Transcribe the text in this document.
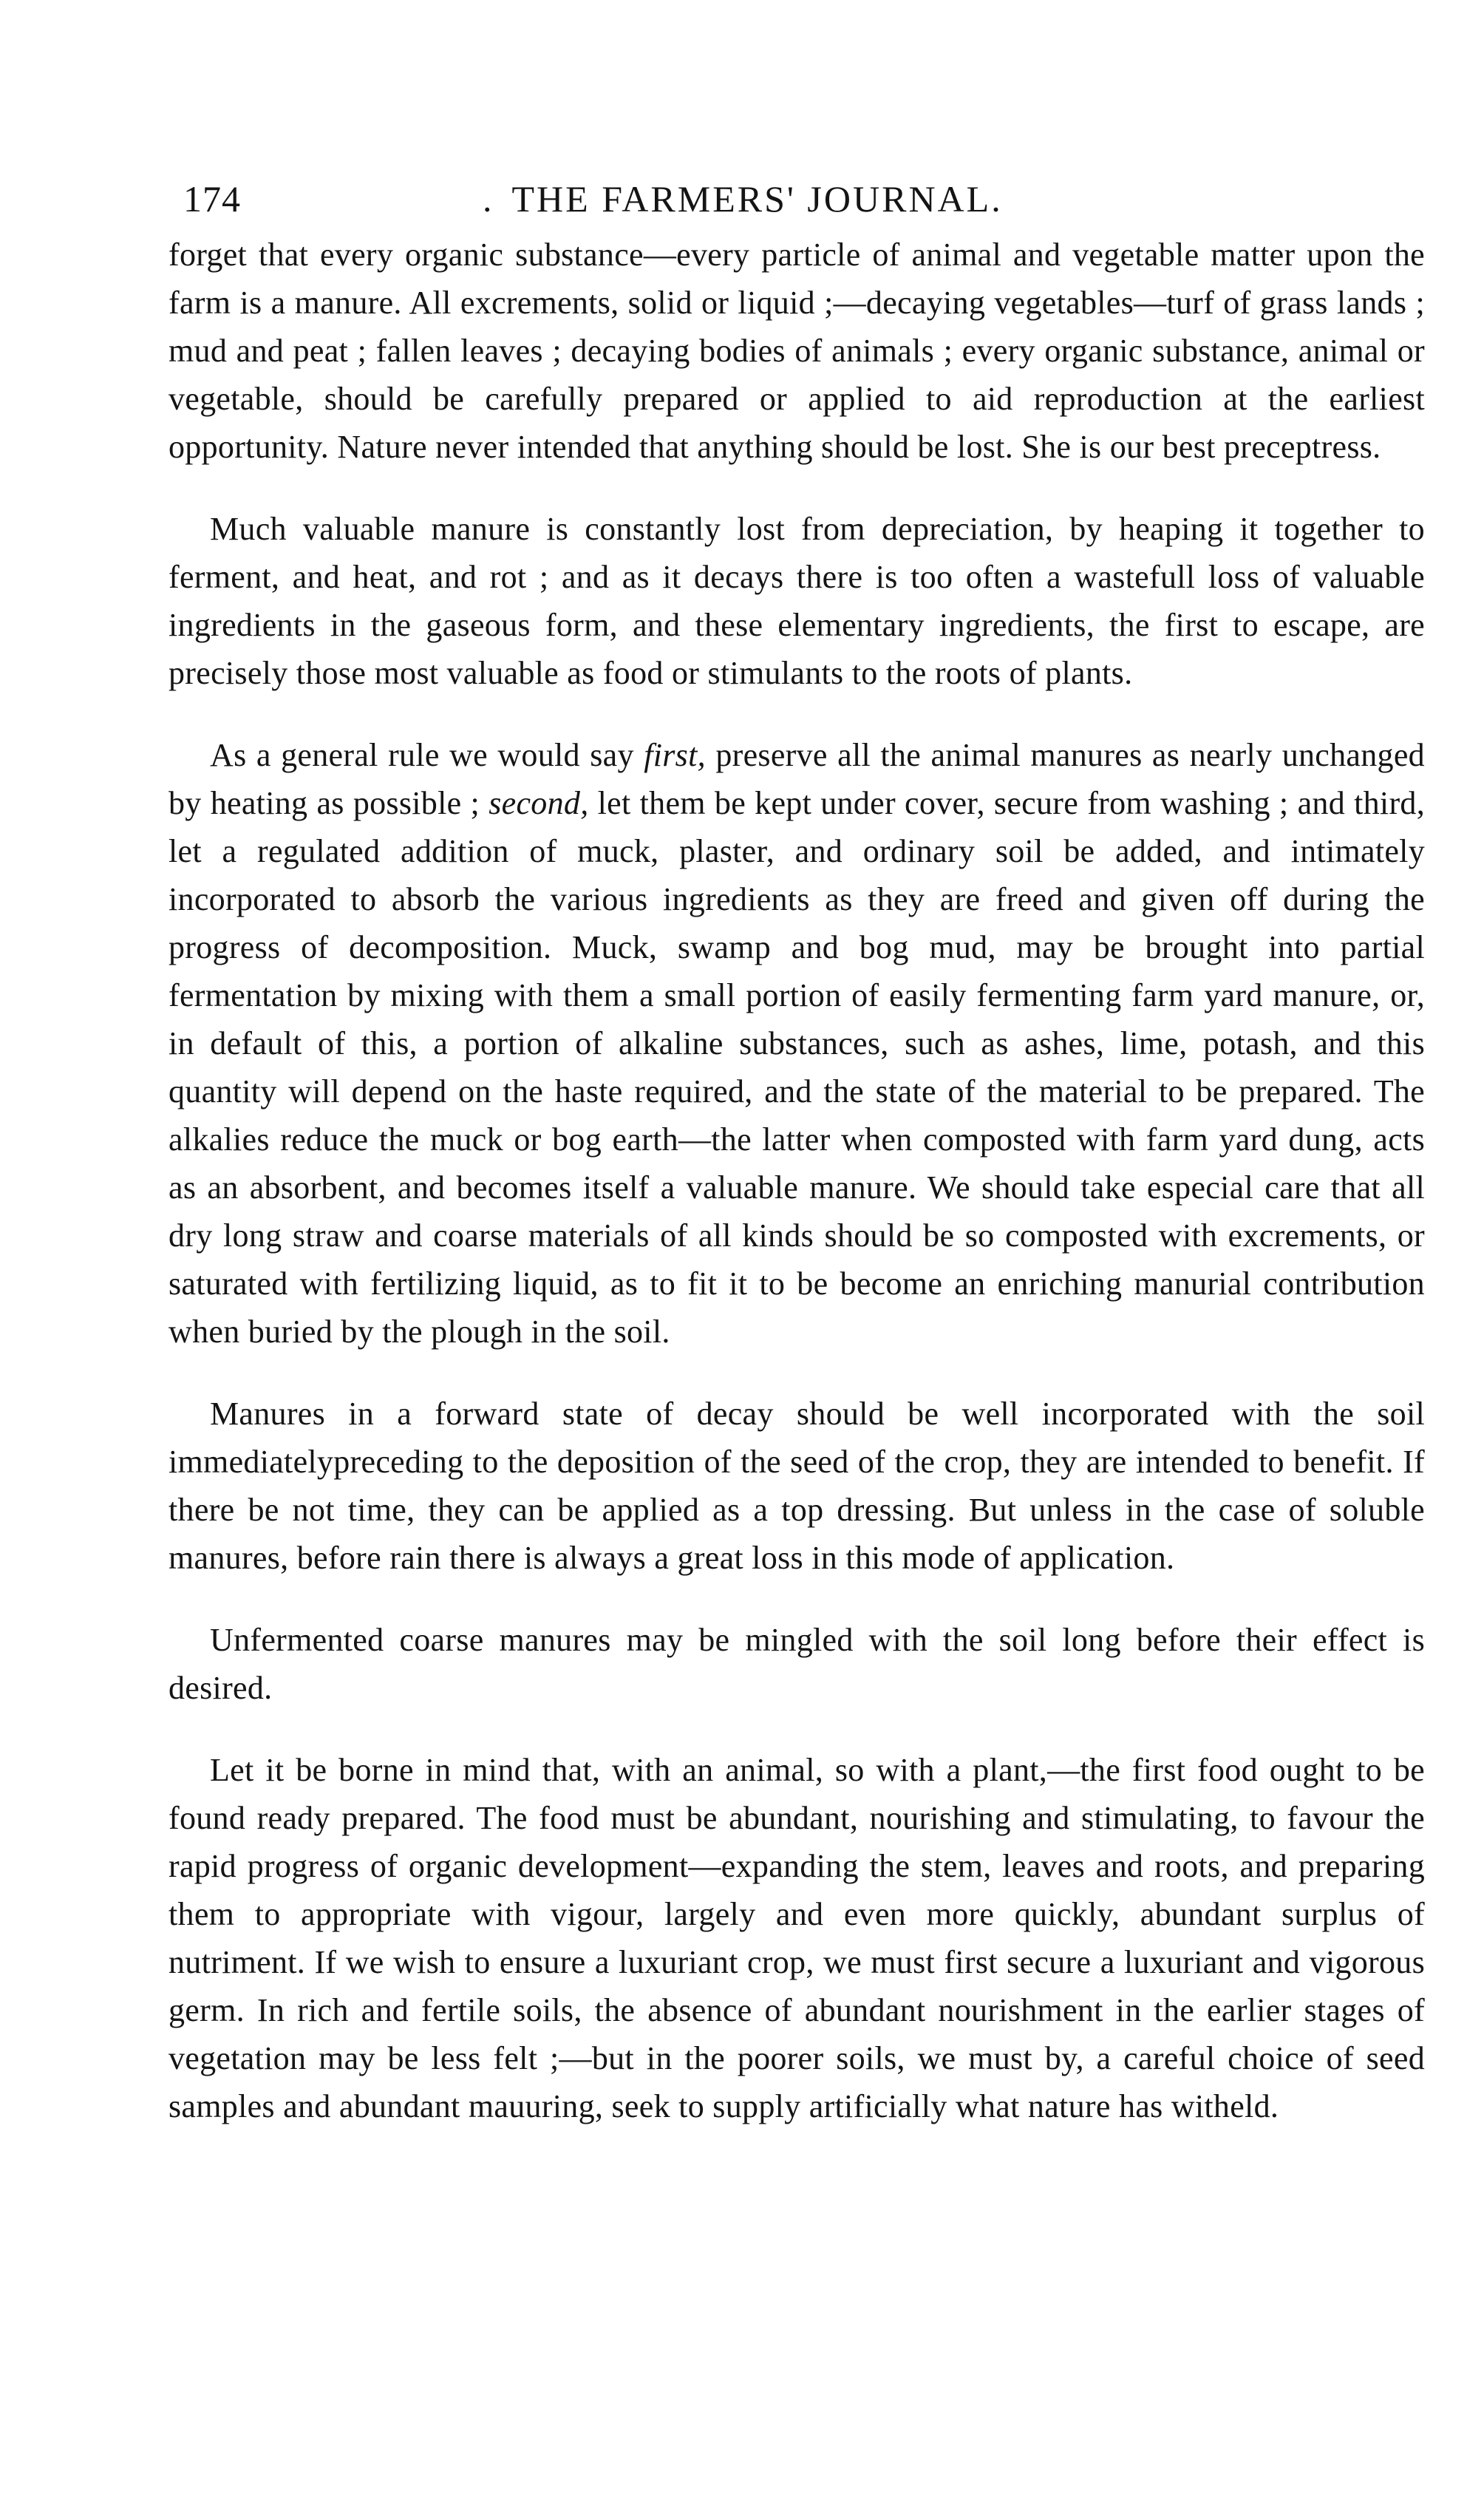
174	. THE FARMERS' JOURNAL.

forget that every organic substance—every particle of animal and vegetable matter upon the farm is a manure. All excrements, solid or liquid ;—decaying vegetables—turf of grass lands ; mud and peat ; fallen leaves ; decaying bodies of animals ; every organic substance, animal or vegetable, should be carefully prepared or applied to aid reproduction at the earliest opportunity. Nature never intended that anything should be lost. She is our best preceptress.

Much valuable manure is constantly lost from depreciation, by heaping it together to ferment, and heat, and rot ; and as it decays there is too often a wastefull loss of valuable ingredients in the gaseous form, and these elementary ingredients, the first to escape, are precisely those most valuable as food or stimulants to the roots of plants.

As a general rule we would say first, preserve all the animal manures as nearly unchanged by heating as possible ; second, let them be kept under cover, secure from washing ; and third, let a regulated addition of muck, plaster, and ordinary soil be added, and intimately incorporated to absorb the various ingredients as they are freed and given off during the progress of decomposition. Muck, swamp and bog mud, may be brought into partial fermentation by mixing with them a small portion of easily fermenting farm yard manure, or, in default of this, a portion of alkaline substances, such as ashes, lime, potash, and this quantity will depend on the haste required, and the state of the material to be prepared. The alkalies reduce the muck or bog earth—the latter when composted with farm yard dung, acts as an absorbent, and becomes itself a valuable manure. We should take especial care that all dry long straw and coarse materials of all kinds should be so composted with excrements, or saturated with fertilizing liquid, as to fit it to be become an enriching manurial contribution when buried by the plough in the soil.

Manures in a forward state of decay should be well incorporated with the soil immediatelypreceding to the deposition of the seed of the crop, they are intended to benefit. If there be not time, they can be applied as a top dressing. But unless in the case of soluble manures, before rain there is always a great loss in this mode of application.

Unfermented coarse manures may be mingled with the soil long before their effect is desired.

Let it be borne in mind that, with an animal, so with a plant,—the first food ought to be found ready prepared. The food must be abundant, nourishing and stimulating, to favour the rapid progress of organic development—expanding the stem, leaves and roots, and preparing them to appropriate with vigour, largely and even more quickly, abundant surplus of nutriment. If we wish to ensure a luxuriant crop, we must first secure a luxuriant and vigorous germ. In rich and fertile soils, the absence of abundant nourishment in the earlier stages of vegetation may be less felt ;—but in the poorer soils, we must by, a careful choice of seed samples and abundant mauuring, seek to supply artificially what nature has witheld.
